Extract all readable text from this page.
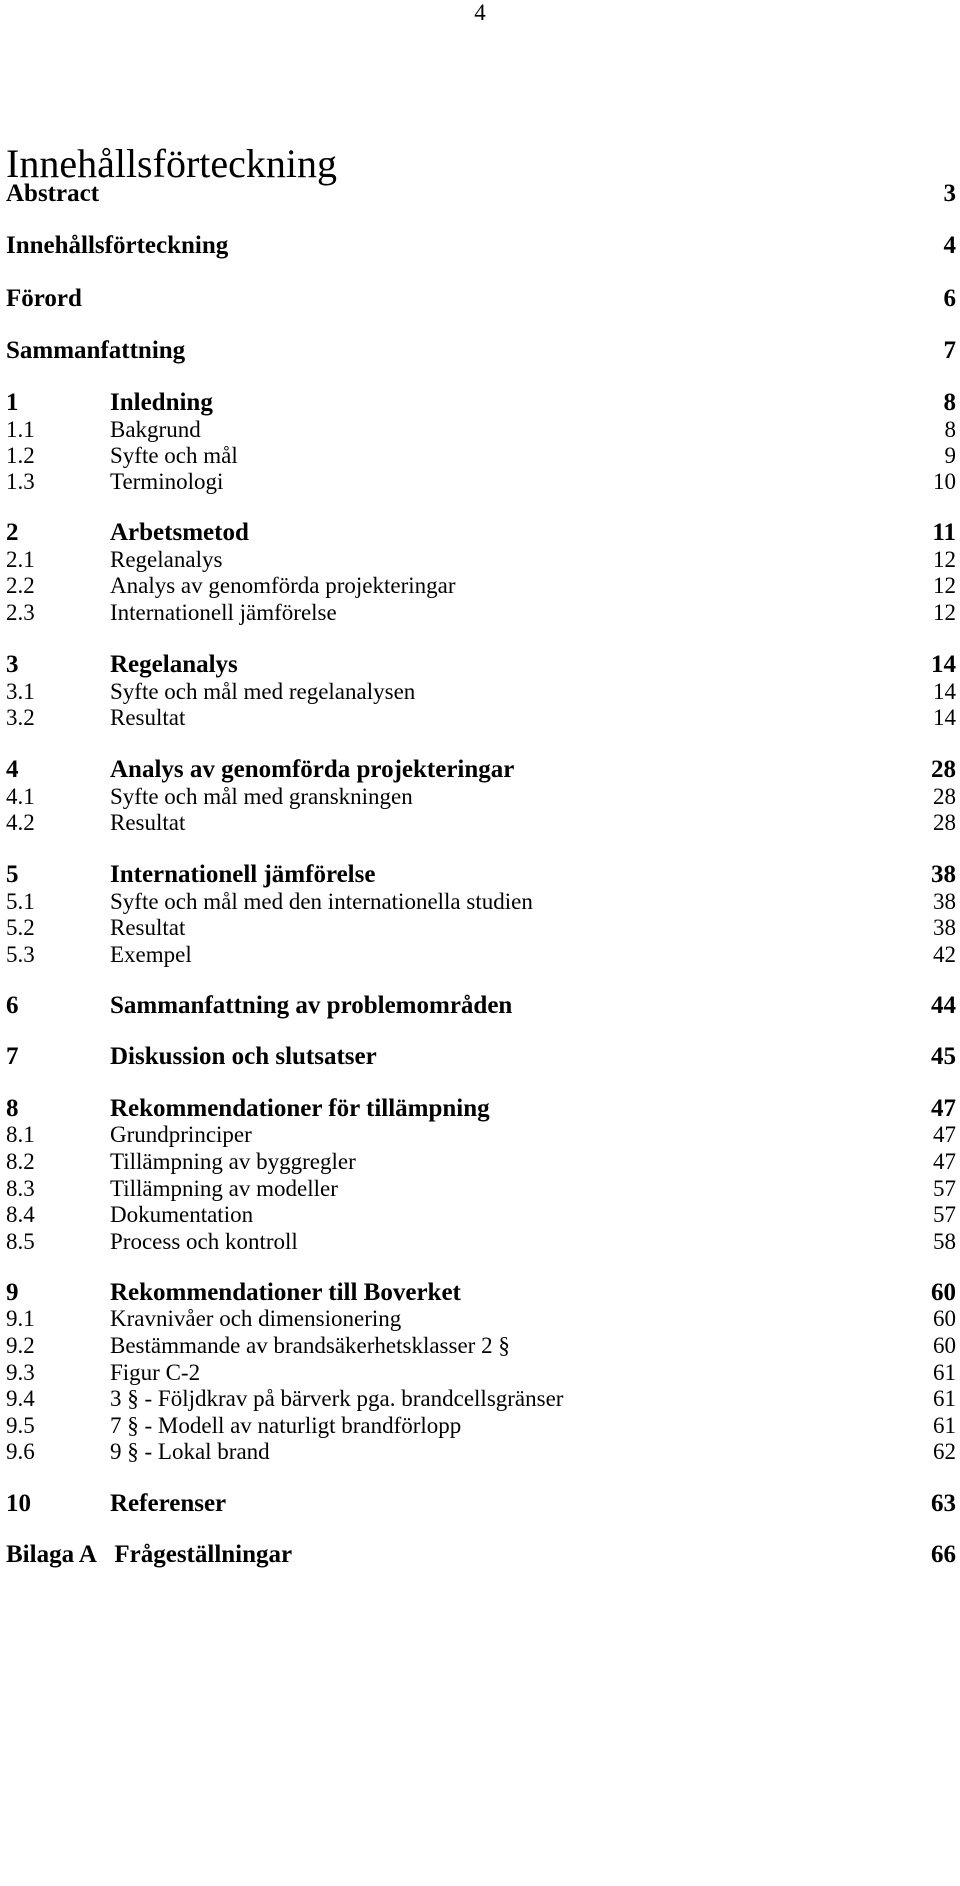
4
Innehållsförteckning
Abstract	3
Innehållsförteckning	4
Förord	6
Sammanfattning	7
1	Inledning	8
1.1	Bakgrund	8
1.2	Syfte och mål	9
1.3	Terminologi	10
2	Arbetsmetod	11
2.1	Regelanalys	12
2.2	Analys av genomförda projekteringar	12
2.3	Internationell jämförelse	12
3	Regelanalys	14
3.1	Syfte och mål med regelanalysen	14
3.2	Resultat	14
4	Analys av genomförda projekteringar	28
4.1	Syfte och mål med granskningen	28
4.2	Resultat	28
5	Internationell jämförelse	38
5.1	Syfte och mål med den internationella studien	38
5.2	Resultat	38
5.3	Exempel	42
6	Sammanfattning av problemområden	44
7	Diskussion och slutsatser	45
8	Rekommendationer för tillämpning	47
8.1	Grundprinciper	47
8.2	Tillämpning av byggregler	47
8.3	Tillämpning av modeller	57
8.4	Dokumentation	57
8.5	Process och kontroll	58
9	Rekommendationer till Boverket	60
9.1	Kravnivåer och dimensionering	60
9.2	Bestämmande av brandsäkerhetsklasser 2 §	60
9.3	Figur C-2	61
9.4	3 § - Följdkrav på bärverk pga. brandcellsgränser	61
9.5	7 § - Modell av naturligt brandförlopp	61
9.6	9 § - Lokal brand	62
10	Referenser	63
Bilaga A   Frågeställningar	66
